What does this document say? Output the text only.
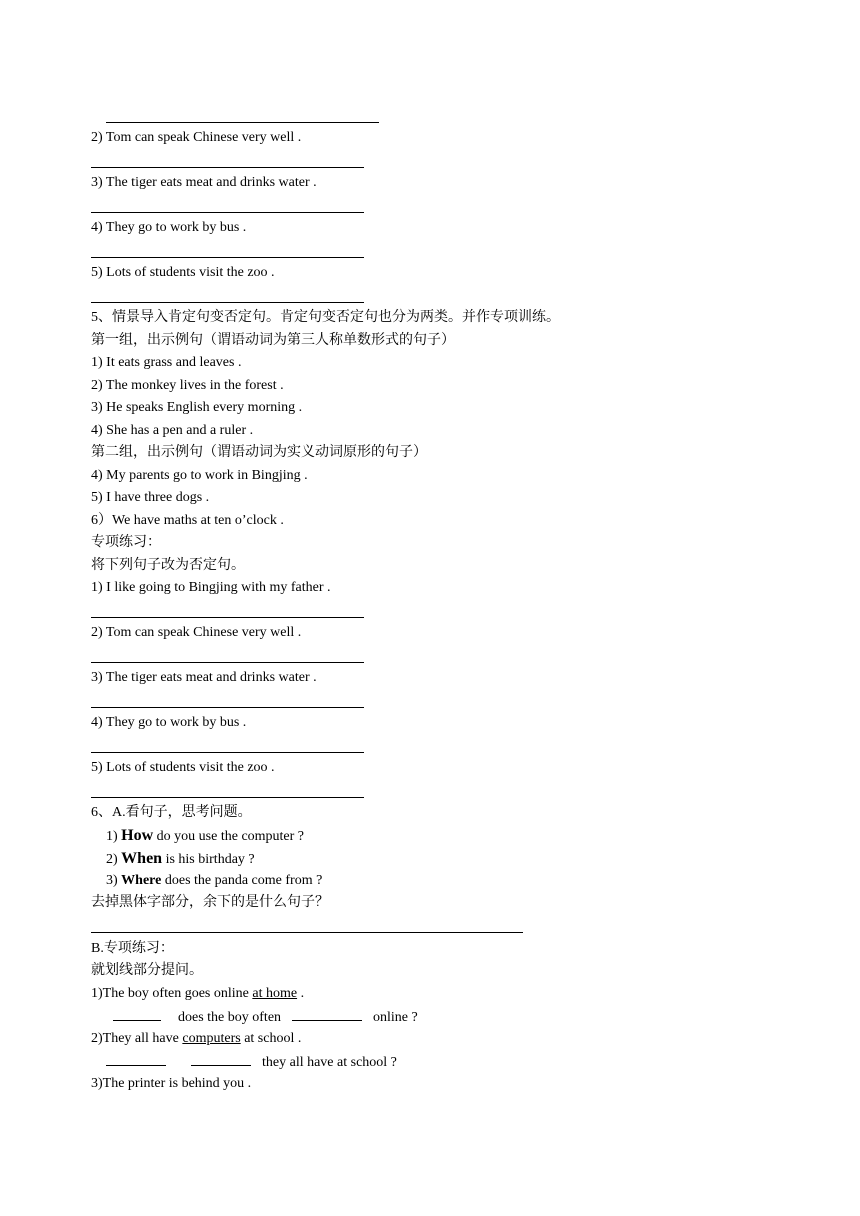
2) Tom can speak Chinese very well .
3) The tiger eats meat and drinks water .
4) They go to work by bus .
5) Lots of students visit the zoo .
5、情景导入肯定句变否定句。肯定句变否定句也分为两类。并作专项训练。
第一组，出示例句（谓语动词为第三人称单数形式的句子）
1) It eats grass and leaves .
2) The monkey lives in the forest .
3) He speaks English every morning .
4) She has a pen and a ruler .
第二组，出示例句（谓语动词为实义动词原形的句子）
4) My parents go to work in Bingjing .
5) I have three dogs .
6）We have maths at ten o’clock .
专项练习：
将下列句子改为否定句。
1) I like going to Bingjing with my father .
2) Tom can speak Chinese very well .
3) The tiger eats meat and drinks water .
4) They go to work by bus .
5) Lots of students visit the zoo .
6、A.看句子，思考问题。
1) How do you use the computer ?
2) When is his birthday ?
3) Where does the panda come from ?
去掉黑体字部分，余下的是什么句子？
B.专项练习：
就划线部分提问。
1)The boy often goes online at home .
does the boy often	online ?
2)They all have computers at school .
they all have at school ?
3)The printer is behind you .
